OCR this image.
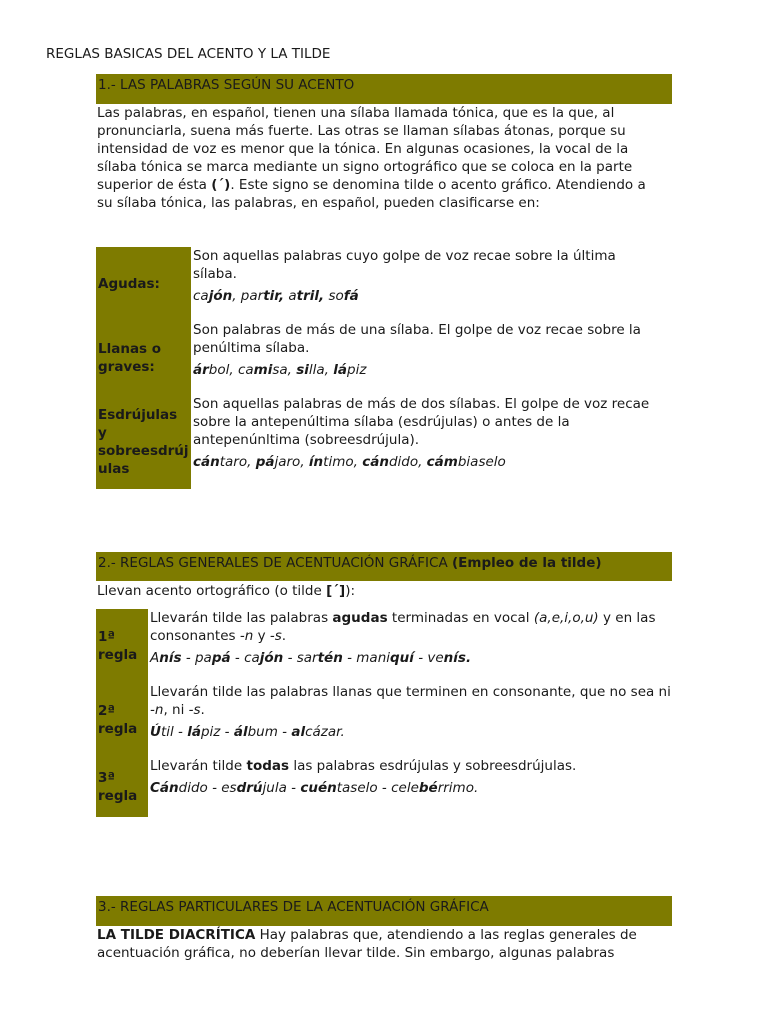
REGLAS BASICAS DEL ACENTO Y LA TILDE
1.- LAS PALABRAS SEGÚN SU ACENTO
Las palabras, en español, tienen una sílaba llamada tónica, que es la que, al
pronunciarla, suena más fuerte. Las otras se llaman sílabas átonas, porque su
intensidad de voz es menor que la tónica. En algunas ocasiones, la vocal de la
sílaba tónica se marca mediante un signo ortográfico que se coloca en la parte
superior de ésta (´). Este signo se denomina tilde o acento gráfico. Atendiendo a
su sílaba tónica, las palabras, en español, pueden clasificarse en:
Agudas:
Son aquellas palabras cuyo golpe de voz recae sobre la última
sílaba.
cajón, partir, atril, sofá
Llanas o
graves:
Son palabras de más de una sílaba. El golpe de voz recae sobre la
penúltima sílaba.
árbol, camisa, silla, lápiz
Esdrújulas
y
sobreesdrúj
ulas
Son aquellas palabras de más de dos sílabas. El golpe de voz recae
sobre la antepenúltima sílaba (esdrújulas) o antes de la
antepenúnltima (sobreesdrújula).
cántaro, pájaro, íntimo, cándido, cámbiaselo
2.- REGLAS GENERALES DE ACENTUACIÓN GRÁFICA (Empleo de la tilde)
Llevan acento ortográfico (o tilde [´]):
1ª
regla
Llevarán tilde las palabras agudas terminadas en vocal (a,e,i,o,u) y en las consonantes -n y -s.
Anís - papá - cajón - sartén - maniquí - venís.
2ª
regla
Llevarán tilde las palabras llanas que terminen en consonante, que no sea ni -n, ni -s.
Útil - lápiz - álbum - alcázar.
3ª
regla
Llevarán tilde todas las palabras esdrújulas y sobreesdrújulas.
Cándido - esdrújula - cuéntaselo - celebérrimo.
3.- REGLAS PARTICULARES DE LA ACENTUACIÓN GRÁFICA
LA TILDE DIACRÍTICA Hay palabras que, atendiendo a las reglas generales de
acentuación gráfica, no deberían llevar tilde. Sin embargo, algunas palabras
